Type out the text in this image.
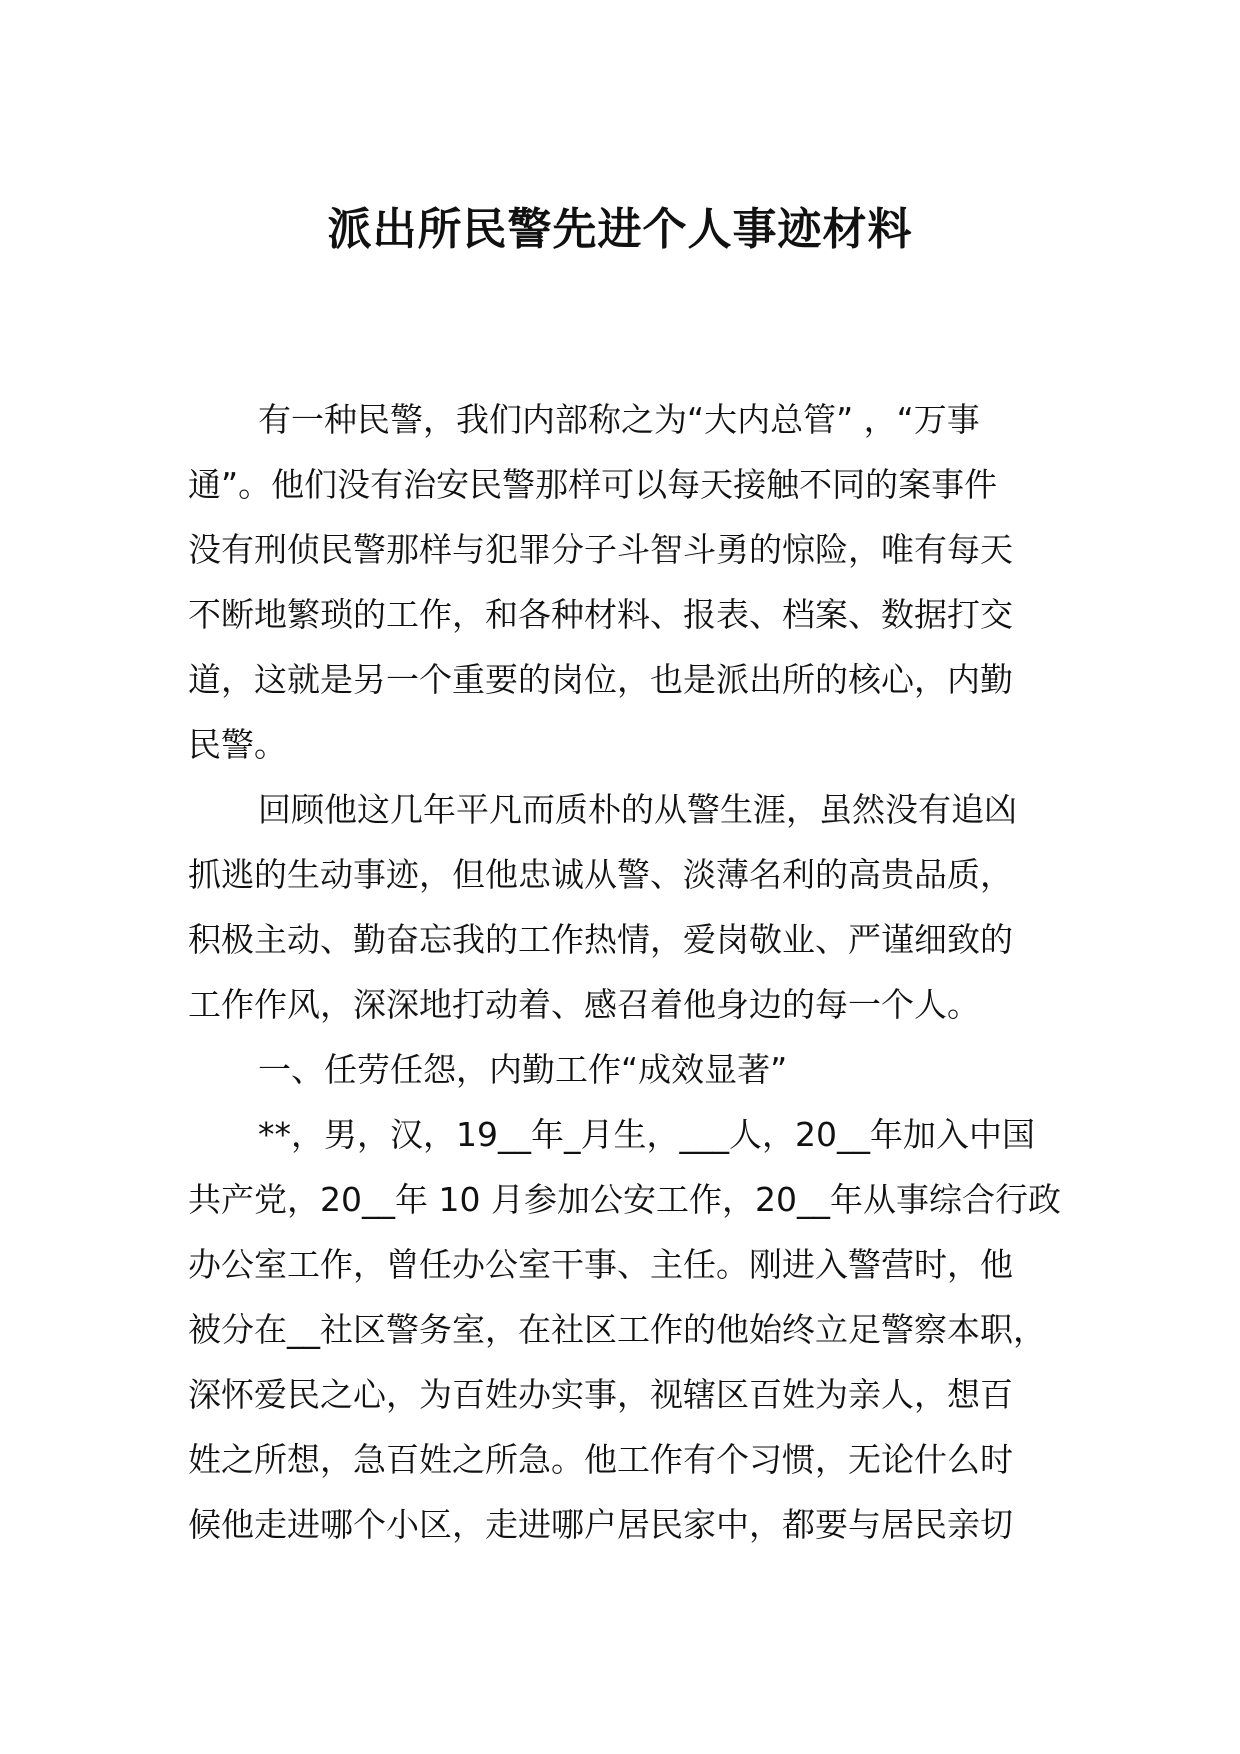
派出所民警先进个人事迹材料
有一种民警，我们内部称之为“大内总管” ，“万事
通”。他们没有治安民警那样可以每天接触不同的案事件
没有刑侦民警那样与犯罪分子斗智斗勇的惊险，唯有每天
不断地繁琐的工作，和各种材料、报表、档案、数据打交
道，这就是另一个重要的岗位，也是派出所的核心，内勤
民警。
回顾他这几年平凡而质朴的从警生涯，虽然没有追凶
抓逃的生动事迹，但他忠诚从警、淡薄名利的高贵品质，
积极主动、勤奋忘我的工作热情，爱岗敬业、严谨细致的
工作作风，深深地打动着、感召着他身边的每一个人。
一、任劳任怨，内勤工作“成效显著”
**，男，汉，19__年_月生，___人，20__年加入中国
共产党，20__年 10 月参加公安工作，20__年从事综合行政
办公室工作，曾任办公室干事、主任。刚进入警营时，他
被分在__社区警务室，在社区工作的他始终立足警察本职，
深怀爱民之心，为百姓办实事，视辖区百姓为亲人，想百
姓之所想，急百姓之所急。他工作有个习惯，无论什么时
候他走进哪个小区，走进哪户居民家中，都要与居民亲切
